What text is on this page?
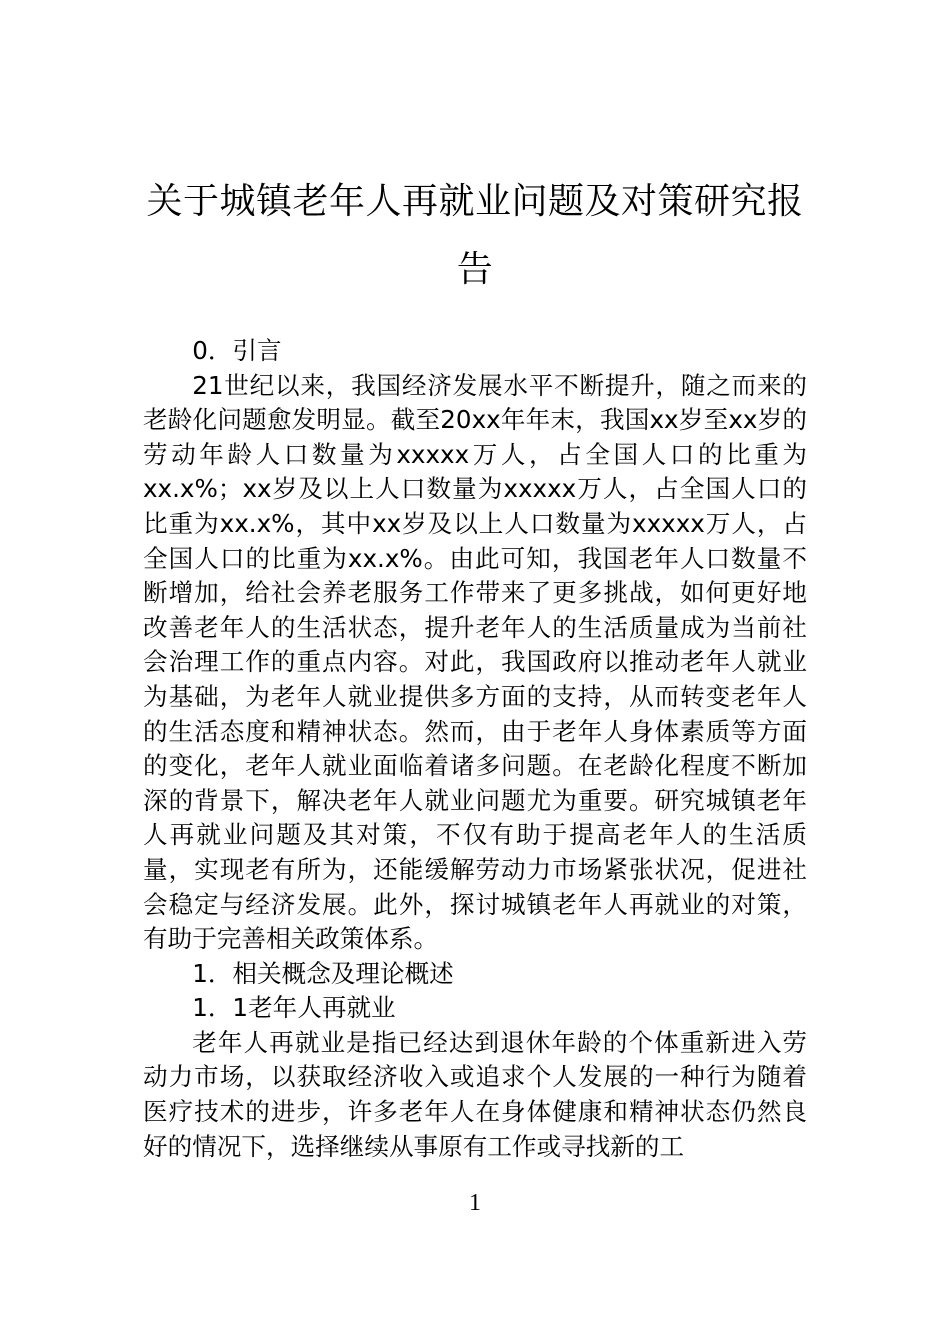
关于城镇老年人再就业问题及对策研究报告

0．引言

21世纪以来，我国经济发展水平不断提升，随之而来的老龄化问题愈发明显。截至20xx年年末，我国xx岁至xx岁的劳动年龄人口数量为xxxxx万人，占全国人口的比重为xx.x%；xx岁及以上人口数量为xxxxx万人，占全国人口的比重为xx.x%，其中xx岁及以上人口数量为xxxxx万人，占全国人口的比重为xx.x%。由此可知，我国老年人口数量不断增加，给社会养老服务工作带来了更多挑战，如何更好地改善老年人的生活状态，提升老年人的生活质量成为当前社会治理工作的重点内容。对此，我国政府以推动老年人就业为基础，为老年人就业提供多方面的支持，从而转变老年人的生活态度和精神状态。然而，由于老年人身体素质等方面的变化，老年人就业面临着诸多问题。在老龄化程度不断加深的背景下，解决老年人就业问题尤为重要。研究城镇老年人再就业问题及其对策，不仅有助于提高老年人的生活质量，实现老有所为，还能缓解劳动力市场紧张状况，促进社会稳定与经济发展。此外，探讨城镇老年人再就业的对策，有助于完善相关政策体系。

1．相关概念及理论概述

1．1老年人再就业

老年人再就业是指已经达到退休年龄的个体重新进入劳动力市场，以获取经济收入或追求个人发展的一种行为随着医疗技术的进步，许多老年人在身体健康和精神状态仍然良好的情况下，选择继续从事原有工作或寻找新的工

1
